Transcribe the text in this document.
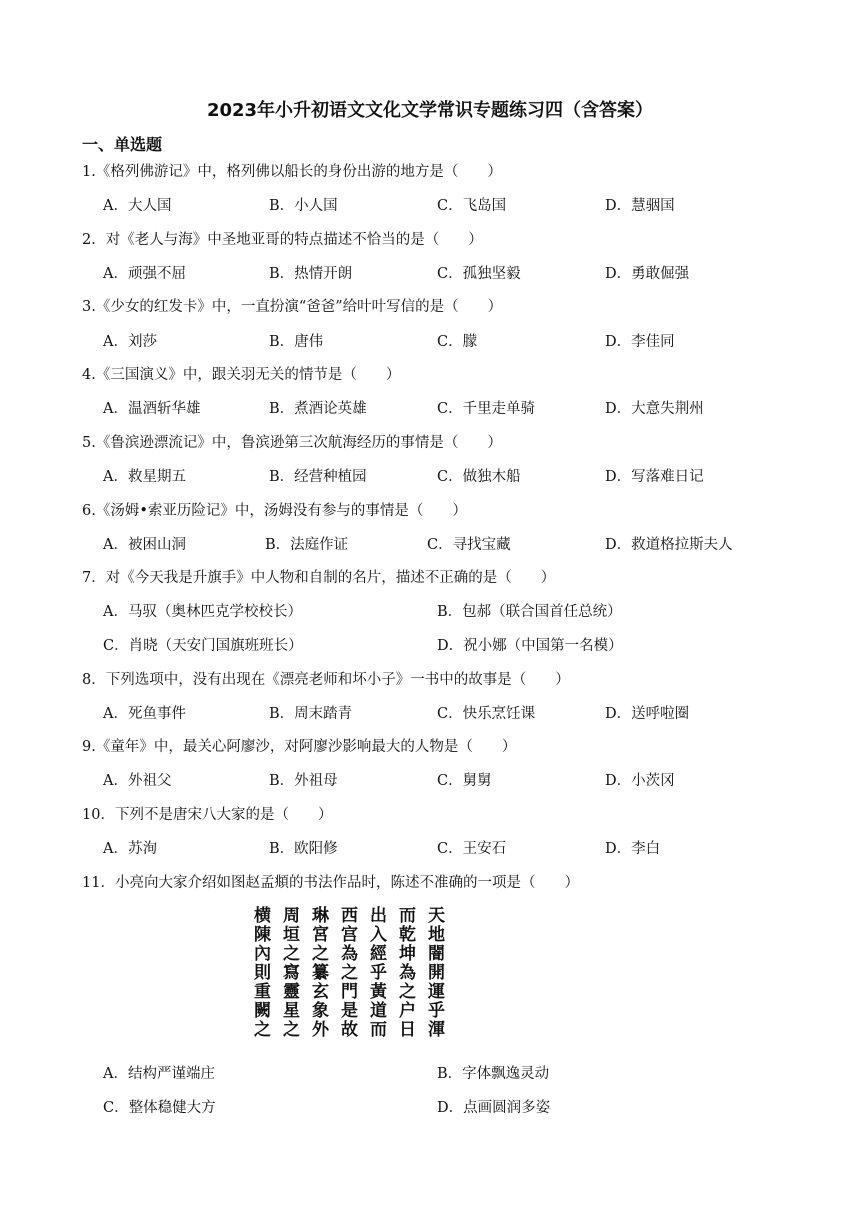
2023年小升初语文文化文学常识专题练习四（含答案）
一、单选题
1.《格列佛游记》中，格列佛以船长的身份出游的地方是（　　）
A．大人国	B．小人国	C．飞岛国	D．慧骃国
2．对《老人与海》中圣地亚哥的特点描述不恰当的是（　　）
A．顽强不屈	B．热情开朗	C．孤独坚毅	D．勇敢倔强
3.《少女的红发卡》中，一直扮演“爸爸”给叶叶写信的是（　　）
A．刘莎	B．唐伟	C．朦	D．李佳同
4.《三国演义》中，跟关羽无关的情节是（　　）
A．温酒斩华雄	B．煮酒论英雄	C．千里走单骑	D．大意失荆州
5.《鲁滨逊漂流记》中，鲁滨逊第三次航海经历的事情是（　　）
A．救星期五	B．经营种植园	C．做独木船	D．写落难日记
6.《汤姆•索亚历险记》中，汤姆没有参与的事情是（　　）
A．被困山洞	B．法庭作证	C．寻找宝藏	D．救道格拉斯夫人
7．对《今天我是升旗手》中人物和自制的名片，描述不正确的是（　　）
A．马驭（奥林匹克学校校长）	B．包郝（联合国首任总统）
C．肖晓（天安门国旗班班长）	D．祝小娜（中国第一名模）
8．下列选项中，没有出现在《漂亮老师和坏小子》一书中的故事是（　　）
A．死鱼事件	B．周末踏青	C．快乐烹饪课	D．送呼啦圈
9.《童年》中，最关心阿廖沙，对阿廖沙影响最大的人物是（　　）
A．外祖父	B．外祖母	C．舅舅	D．小茨冈
10．下列不是唐宋八大家的是（　　）
A．苏洵	B．欧阳修	C．王安石	D．李白
11．小亮向大家介绍如图赵孟頫的书法作品时，陈述不准确的一项是（　　）
天地闇開運乎渾
而乾坤為之户日
出入經乎黃道而
西宫為之門是故
琳宮之纂玄象外
周垣之寫靈星之
横陳內則重闕之
A．结构严谨端庄	B．字体飘逸灵动
C．整体稳健大方	D．点画圆润多姿
